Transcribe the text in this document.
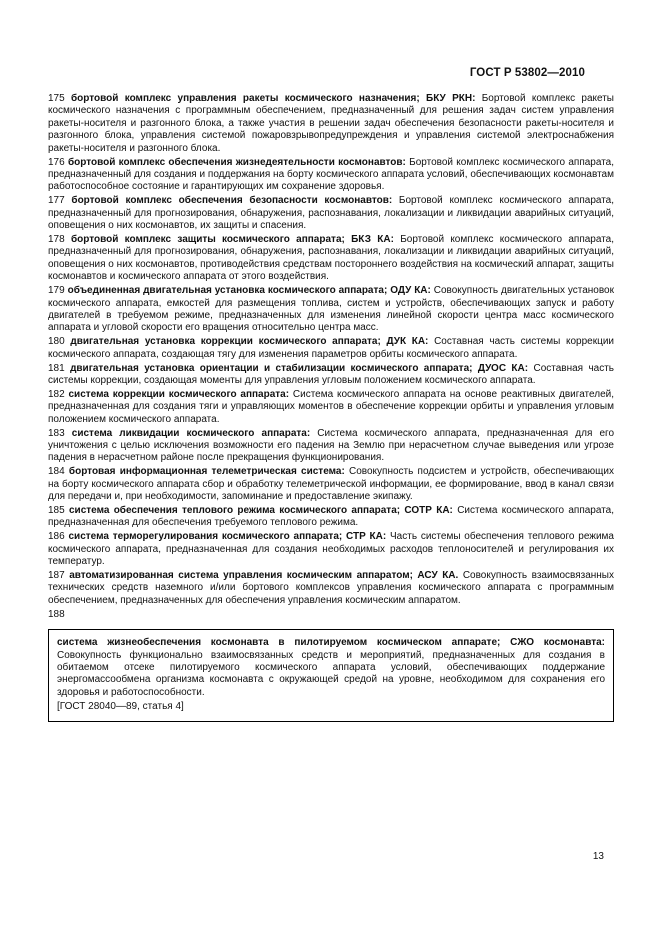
ГОСТ Р 53802—2010

175 бортовой комплекс управления ракеты космического назначения; БКУ РКН: Бортовой комплекс ракеты космического назначения с программным обеспечением, предназначенный для решения задач систем управления ракеты-носителя и разгонного блока, а также участия в решении задач обеспечения безопасности ракеты-носителя и разгонного блока, управления системой пожаровзрывопредупреждения и управления системой электроснабжения ракеты-носителя и разгонного блока.

176 бортовой комплекс обеспечения жизнедеятельности космонавтов: Бортовой комплекс космического аппарата, предназначенный для создания и поддержания на борту космического аппарата условий, обеспечивающих космонавтам работоспособное состояние и гарантирующих им сохранение здоровья.

177 бортовой комплекс обеспечения безопасности космонавтов: Бортовой комплекс космического аппарата, предназначенный для прогнозирования, обнаружения, распознавания, локализации и ликвидации аварийных ситуаций, оповещения о них космонавтов, их защиты и спасения.

178 бортовой комплекс защиты космического аппарата; БКЗ КА: Бортовой комплекс космического аппарата, предназначенный для прогнозирования, обнаружения, распознавания, локализации и ликвидации аварийных ситуаций, оповещения о них космонавтов, противодействия средствам постороннего воздействия на космический аппарат, защиты космонавтов и космического аппарата от этого воздействия.

179 объединенная двигательная установка космического аппарата; ОДУ КА: Совокупность двигательных установок космического аппарата, емкостей для размещения топлива, систем и устройств, обеспечивающих запуск и работу двигателей в требуемом режиме, предназначенных для изменения линейной скорости центра масс космического аппарата и угловой скорости его вращения относительно центра масс.

180 двигательная установка коррекции космического аппарата; ДУК КА: Составная часть системы коррекции космического аппарата, создающая тягу для изменения параметров орбиты космического аппарата.

181 двигательная установка ориентации и стабилизации космического аппарата; ДУОС КА: Составная часть системы коррекции, создающая моменты для управления угловым положением космического аппарата.

182 система коррекции космического аппарата: Система космического аппарата на основе реактивных двигателей, предназначенная для создания тяги и управляющих моментов в обеспечение коррекции орбиты и управления угловым положением космического аппарата.

183 система ликвидации космического аппарата: Система космического аппарата, предназначенная для его уничтожения с целью исключения возможности его падения на Землю при нерасчетном случае выведения или угрозе падения в нерасчетном районе после прекращения функционирования.

184 бортовая информационная телеметрическая система: Совокупность подсистем и устройств, обеспечивающих на борту космического аппарата сбор и обработку телеметрической информации, ее формирование, ввод в канал связи для передачи и, при необходимости, запоминание и предоставление экипажу.

185 система обеспечения теплового режима космического аппарата; СОТР КА: Система космического аппарата, предназначенная для обеспечения требуемого теплового режима.

186 система терморегулирования космического аппарата; СТР КА: Часть системы обеспечения теплового режима космического аппарата, предназначенная для создания необходимых расходов теплоносителей и регулирования их температур.

187 автоматизированная система управления космическим аппаратом; АСУ КА. Совокупность взаимосвязанных технических средств наземного и/или бортового комплексов управления космического аппарата с программным обеспечением, предназначенных для обеспечения управления космическим аппаратом.

188

система жизнеобеспечения космонавта в пилотируемом космическом аппарате; СЖО космонавта: Совокупность функционально взаимосвязанных средств и мероприятий, предназначенных для создания в обитаемом отсеке пилотируемого космического аппарата условий, обеспечивающих поддержание энергомассообмена организма космонавта с окружающей средой на уровне, необходимом для сохранения его здоровья и работоспособности.

[ГОСТ 28040—89, статья 4]

13
